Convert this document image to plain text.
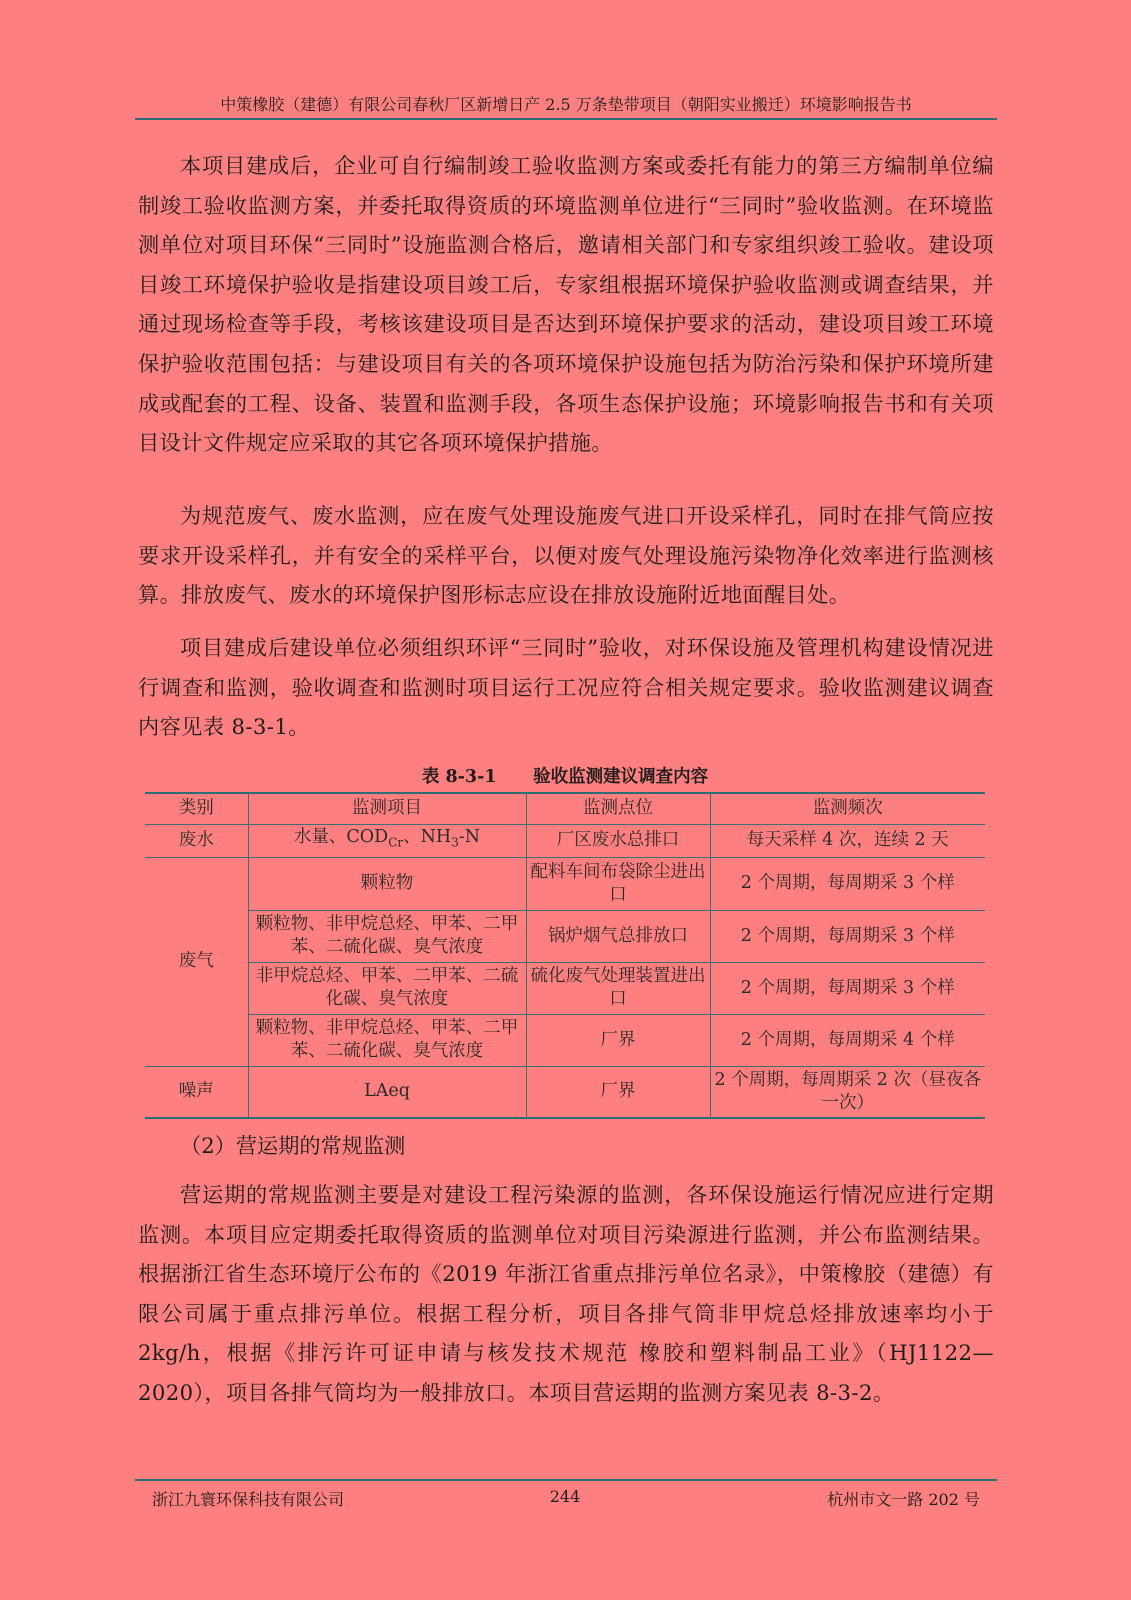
中策橡胶（建德）有限公司春秋厂区新增日产 2.5 万条垫带项目（朝阳实业搬迁）环境影响报告书

本项目建成后，企业可自行编制竣工验收监测方案或委托有能力的第三方编制单位编制竣工验收监测方案，并委托取得资质的环境监测单位进行“三同时”验收监测。在环境监测单位对项目环保“三同时”设施监测合格后，邀请相关部门和专家组织竣工验收。建设项目竣工环境保护验收是指建设项目竣工后，专家组根据环境保护验收监测或调查结果，并通过现场检查等手段，考核该建设项目是否达到环境保护要求的活动，建设项目竣工环境保护验收范围包括：与建设项目有关的各项环境保护设施包括为防治污染和保护环境所建成或配套的工程、设备、装置和监测手段，各项生态保护设施；环境影响报告书和有关项目设计文件规定应采取的其它各项环境保护措施。

为规范废气、废水监测，应在废气处理设施废气进口开设采样孔，同时在排气筒应按要求开设采样孔，并有安全的采样平台，以便对废气处理设施污染物净化效率进行监测核算。排放废气、废水的环境保护图形标志应设在排放设施附近地面醒目处。

项目建成后建设单位必须组织环评“三同时”验收，对环保设施及管理机构建设情况进行调查和监测，验收调查和监测时项目运行工况应符合相关规定要求。验收监测建议调查内容见表 8-3-1。

表 8-3-1      验收监测建议调查内容
类别	监测项目	监测点位	监测频次
废水	水量、$COD_{Cr}$、$NH_3-N$	厂区废水总排口	每天采样 4 次，连续 2 天
废气	颗粒物	配料车间布袋除尘进出口	2 个周期，每周期采 3 个样
	颗粒物、非甲烷总烃、甲苯、二甲苯、二硫化碳、臭气浓度	锅炉烟气总排放口	2 个周期，每周期采 3 个样
	非甲烷总烃、甲苯、二甲苯、二硫化碳、臭气浓度	硫化废气处理装置进出口	2 个周期，每周期采 3 个样
	颗粒物、非甲烷总烃、甲苯、二甲苯、二硫化碳、臭气浓度	厂界	2 个周期，每周期采 4 个样
噪声	LAeq	厂界	2 个周期，每周期采 2 次（昼夜各一次）
（2）营运期的常规监测

营运期的常规监测主要是对建设工程污染源的监测，各环保设施运行情况应进行定期监测。本项目应定期委托取得资质的监测单位对项目污染源进行监测，并公布监测结果。根据浙江省生态环境厅公布的《2019 年浙江省重点排污单位名录》，中策橡胶（建德）有限公司属于重点排污单位。根据工程分析，项目各排气筒非甲烷总烃排放速率均小于 2kg/h，根据《排污许可证申请与核发技术规范 橡胶和塑料制品工业》（HJ1122—2020），项目各排气筒均为一般排放口。本项目营运期的监测方案见表 8-3-2。

浙江九寰环保科技有限公司	244	杭州市文一路 202 号
